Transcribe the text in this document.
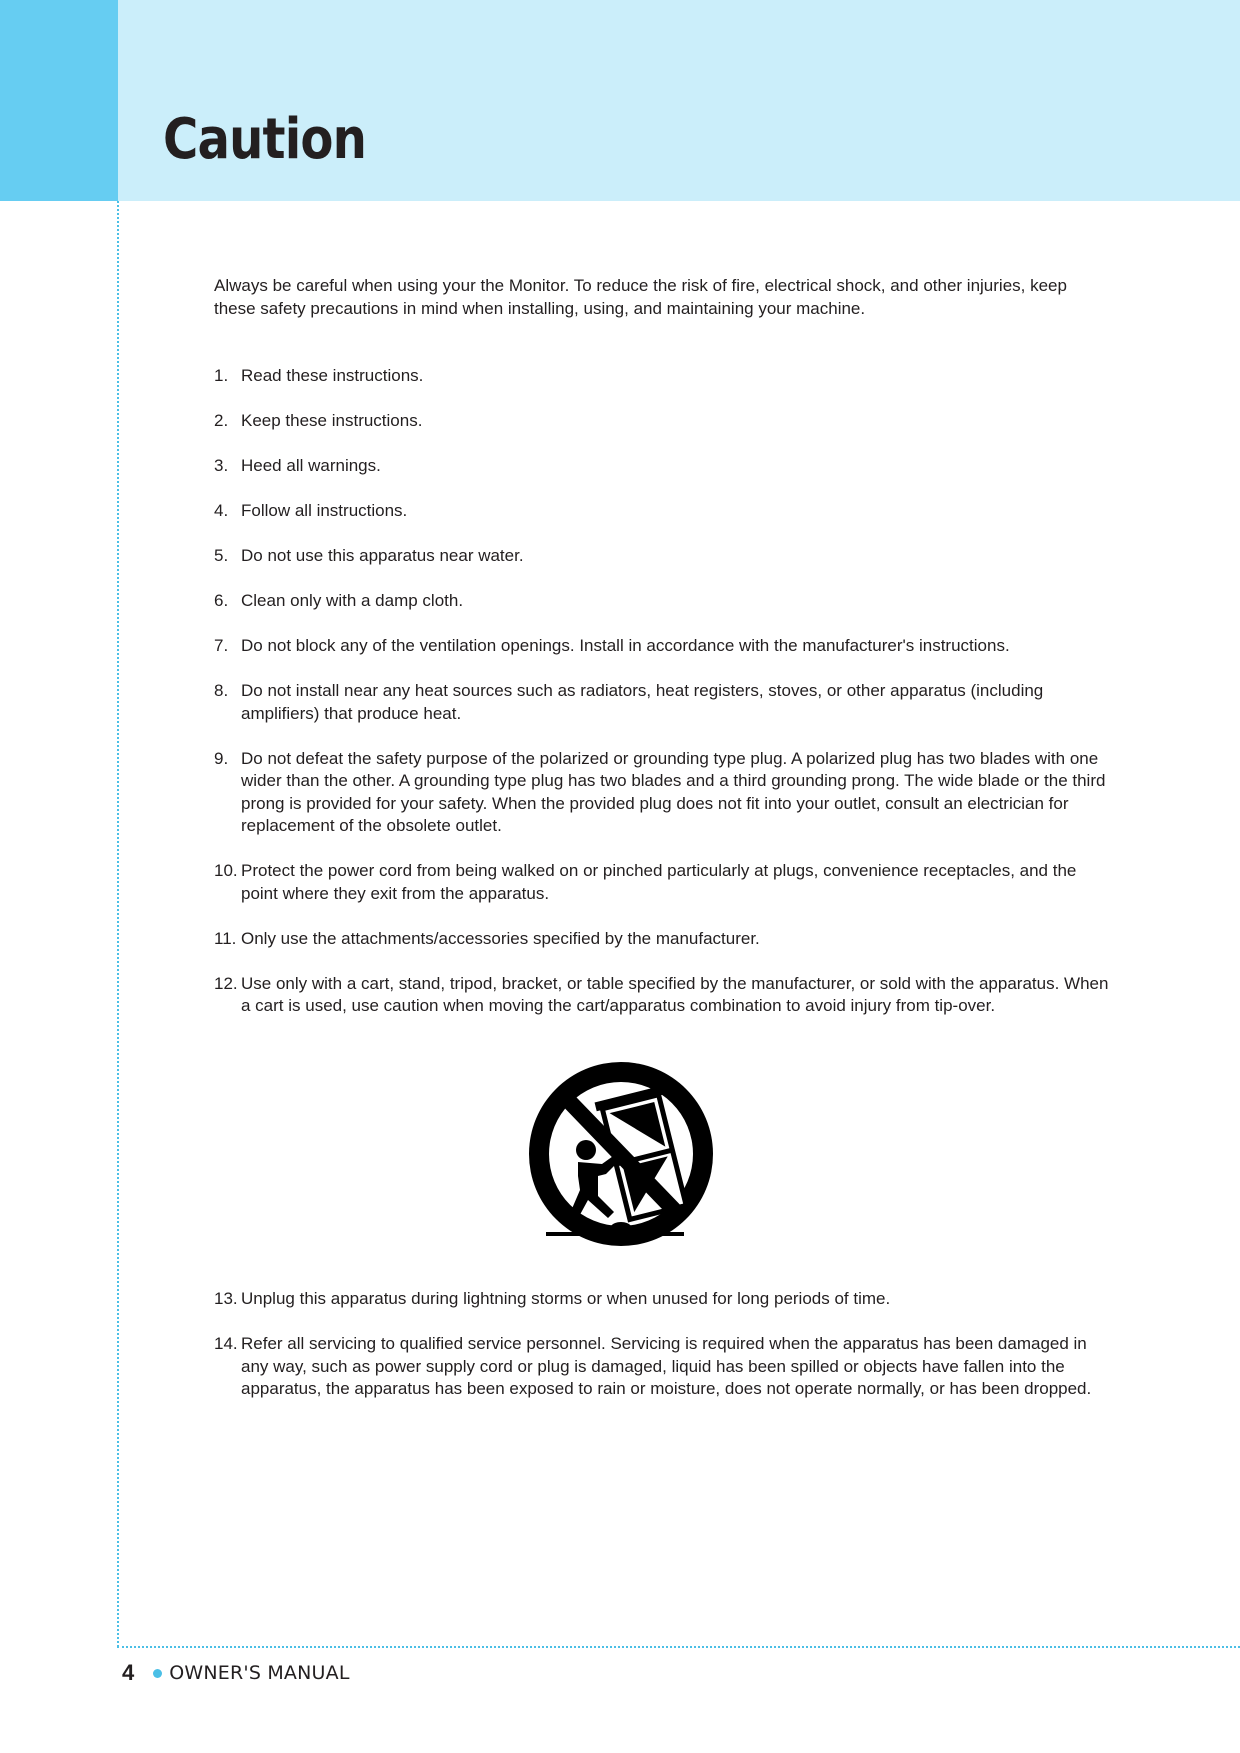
Caution

Always be careful when using your the Monitor. To reduce the risk of fire, electrical shock, and other injuries, keep these safety precautions in mind when installing, using, and maintaining your machine.

1. Read these instructions.
2. Keep these instructions.
3. Heed all warnings.
4. Follow all instructions.
5. Do not use this apparatus near water.
6. Clean only with a damp cloth.
7. Do not block any of the ventilation openings. Install in accordance with the manufacturer's instructions.
8. Do not install near any heat sources such as radiators, heat registers, stoves, or other apparatus (including amplifiers) that produce heat.
9. Do not defeat the safety purpose of the polarized or grounding type plug. A polarized plug has two blades with one wider than the other. A grounding type plug has two blades and a third grounding prong. The wide blade or the third prong is provided for your safety. When the provided plug does not fit into your outlet, consult an electrician for replacement of the obsolete outlet.
10. Protect the power cord from being walked on or pinched particularly at plugs, convenience receptacles, and the point where they exit from the apparatus.
11. Only use the attachments/accessories specified by the manufacturer.
12. Use only with a cart, stand, tripod, bracket, or table specified by the manufacturer, or sold with the apparatus. When a cart is used, use caution when moving the cart/apparatus combination to avoid injury from tip-over.
13. Unplug this apparatus during lightning storms or when unused for long periods of time.
14. Refer all servicing to qualified service personnel. Servicing is required when the apparatus has been damaged in any way, such as power supply cord or plug is damaged, liquid has been spilled or objects have fallen into the apparatus, the apparatus has been exposed to rain or moisture, does not operate normally, or has been dropped.
4 OWNER'S MANUAL
